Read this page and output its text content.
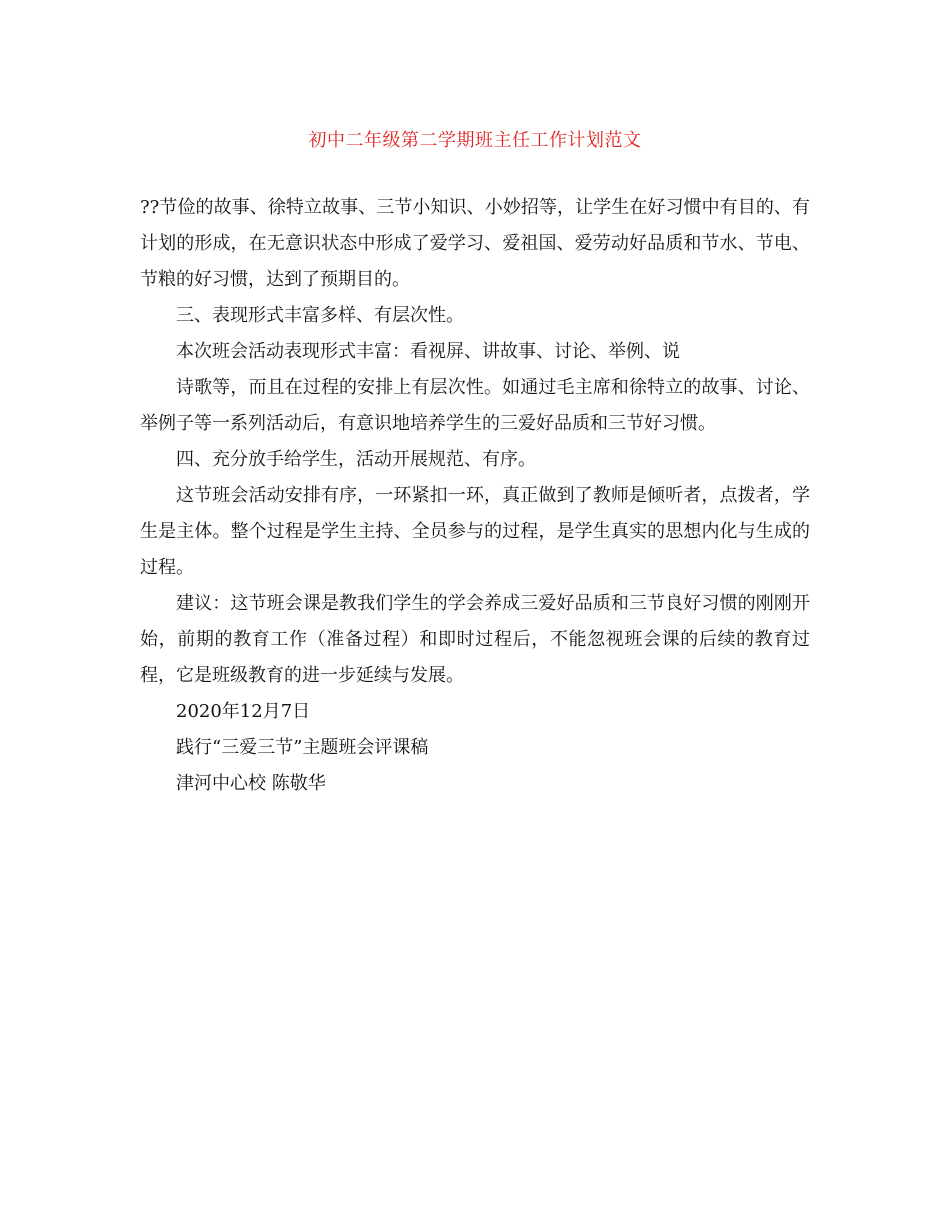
初中二年级第二学期班主任工作计划范文

??节俭的故事、徐特立故事、三节小知识、小妙招等，让学生在好习惯中有目的、有计划的形成，在无意识状态中形成了爱学习、爱祖国、爱劳动好品质和节水、节电、节粮的好习惯，达到了预期目的。

三、表现形式丰富多样、有层次性。

本次班会活动表现形式丰富：看视屏、讲故事、讨论、举例、说

诗歌等，而且在过程的安排上有层次性。如通过毛主席和徐特立的故事、讨论、举例子等一系列活动后，有意识地培养学生的三爱好品质和三节好习惯。

四、充分放手给学生，活动开展规范、有序。

这节班会活动安排有序，一环紧扣一环，真正做到了教师是倾听者，点拨者，学生是主体。整个过程是学生主持、全员参与的过程，是学生真实的思想内化与生成的过程。

建议：这节班会课是教我们学生的学会养成三爱好品质和三节良好习惯的刚刚开始，前期的教育工作（准备过程）和即时过程后，不能忽视班会课的后续的教育过程，它是班级教育的进一步延续与发展。

2020年12月7日

践行“三爱三节”主题班会评课稿

津河中心校 陈敬华
